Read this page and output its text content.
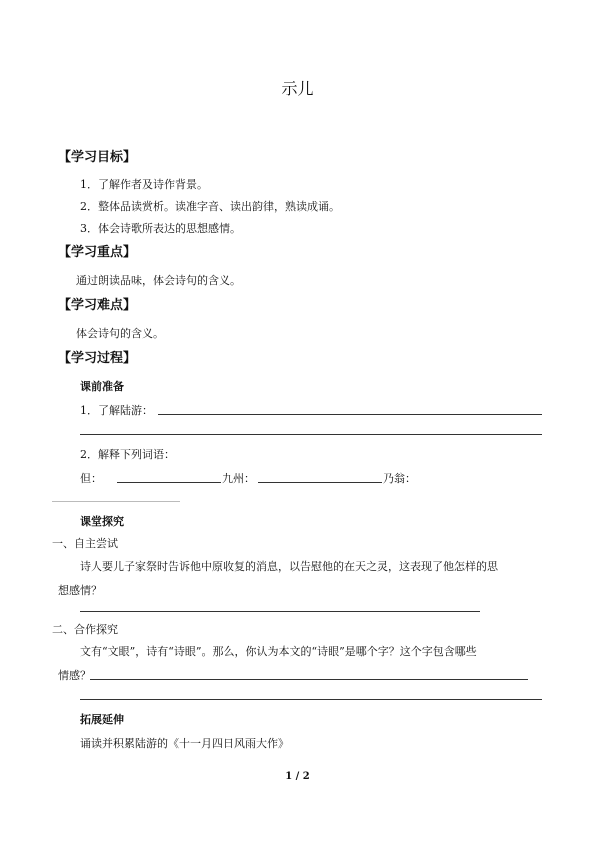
示儿
【学习目标】
1．了解作者及诗作背景。
2．整体品读赏析。读准字音、读出韵律，熟读成诵。
3．体会诗歌所表达的思想感情。
【学习重点】
通过朗读品味，体会诗句的含义。
【学习难点】
体会诗句的含义。
【学习过程】
课前准备
1．了解陆游：
2．解释下列词语：
但：	九州：	乃翁：
课堂探究
一、自主尝试
诗人要儿子家祭时告诉他中原收复的消息，以告慰他的在天之灵，这表现了他怎样的思
想感情？
二、合作探究
文有“文眼”，诗有“诗眼”。那么，你认为本文的“诗眼”是哪个字？这个字包含哪些
情感？
拓展延伸
诵读并积累陆游的《十一月四日风雨大作》
1 / 2
